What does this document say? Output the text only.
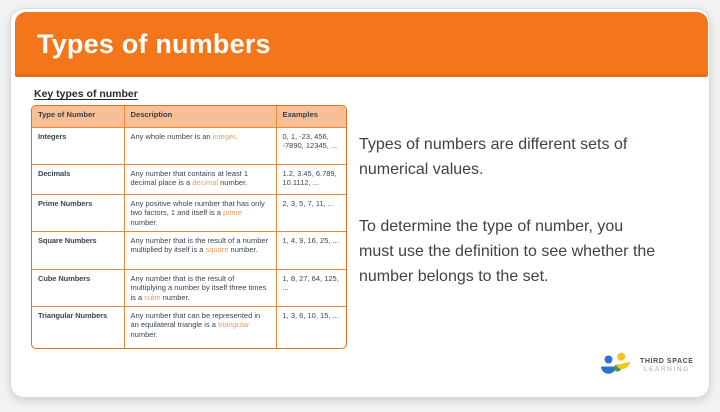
Types of numbers
Key types of number
Type of Number	Description	Examples
Integers	Any whole number is an integer.	0, 1, -23, 456, -7890, 12345, ...
Decimals	Any number that contains at least 1 decimal place is a decimal number.	1.2, 3.45, 6.789, 10.1112, ...
Prime Numbers	Any positive whole number that has only two factors, 1 and itself is a prime number.	2, 3, 5, 7, 11, ...
Square Numbers	Any number that is the result of a number multiplied by itself is a square number.	1, 4, 9, 16, 25, ...
Cube Numbers	Any number that is the result of multiplying a number by itself three times is a cube number.	1, 8, 27, 64, 125, ...
Triangular Numbers	Any number that can be represented in an equilateral triangle is a triangular number.	1, 3, 6, 10, 15, ...
Types of numbers are different sets of
numerical values.
To determine the type of number, you
must use the definition to see whether the
number belongs to the set.
THIRD SPACE
LEARNING
